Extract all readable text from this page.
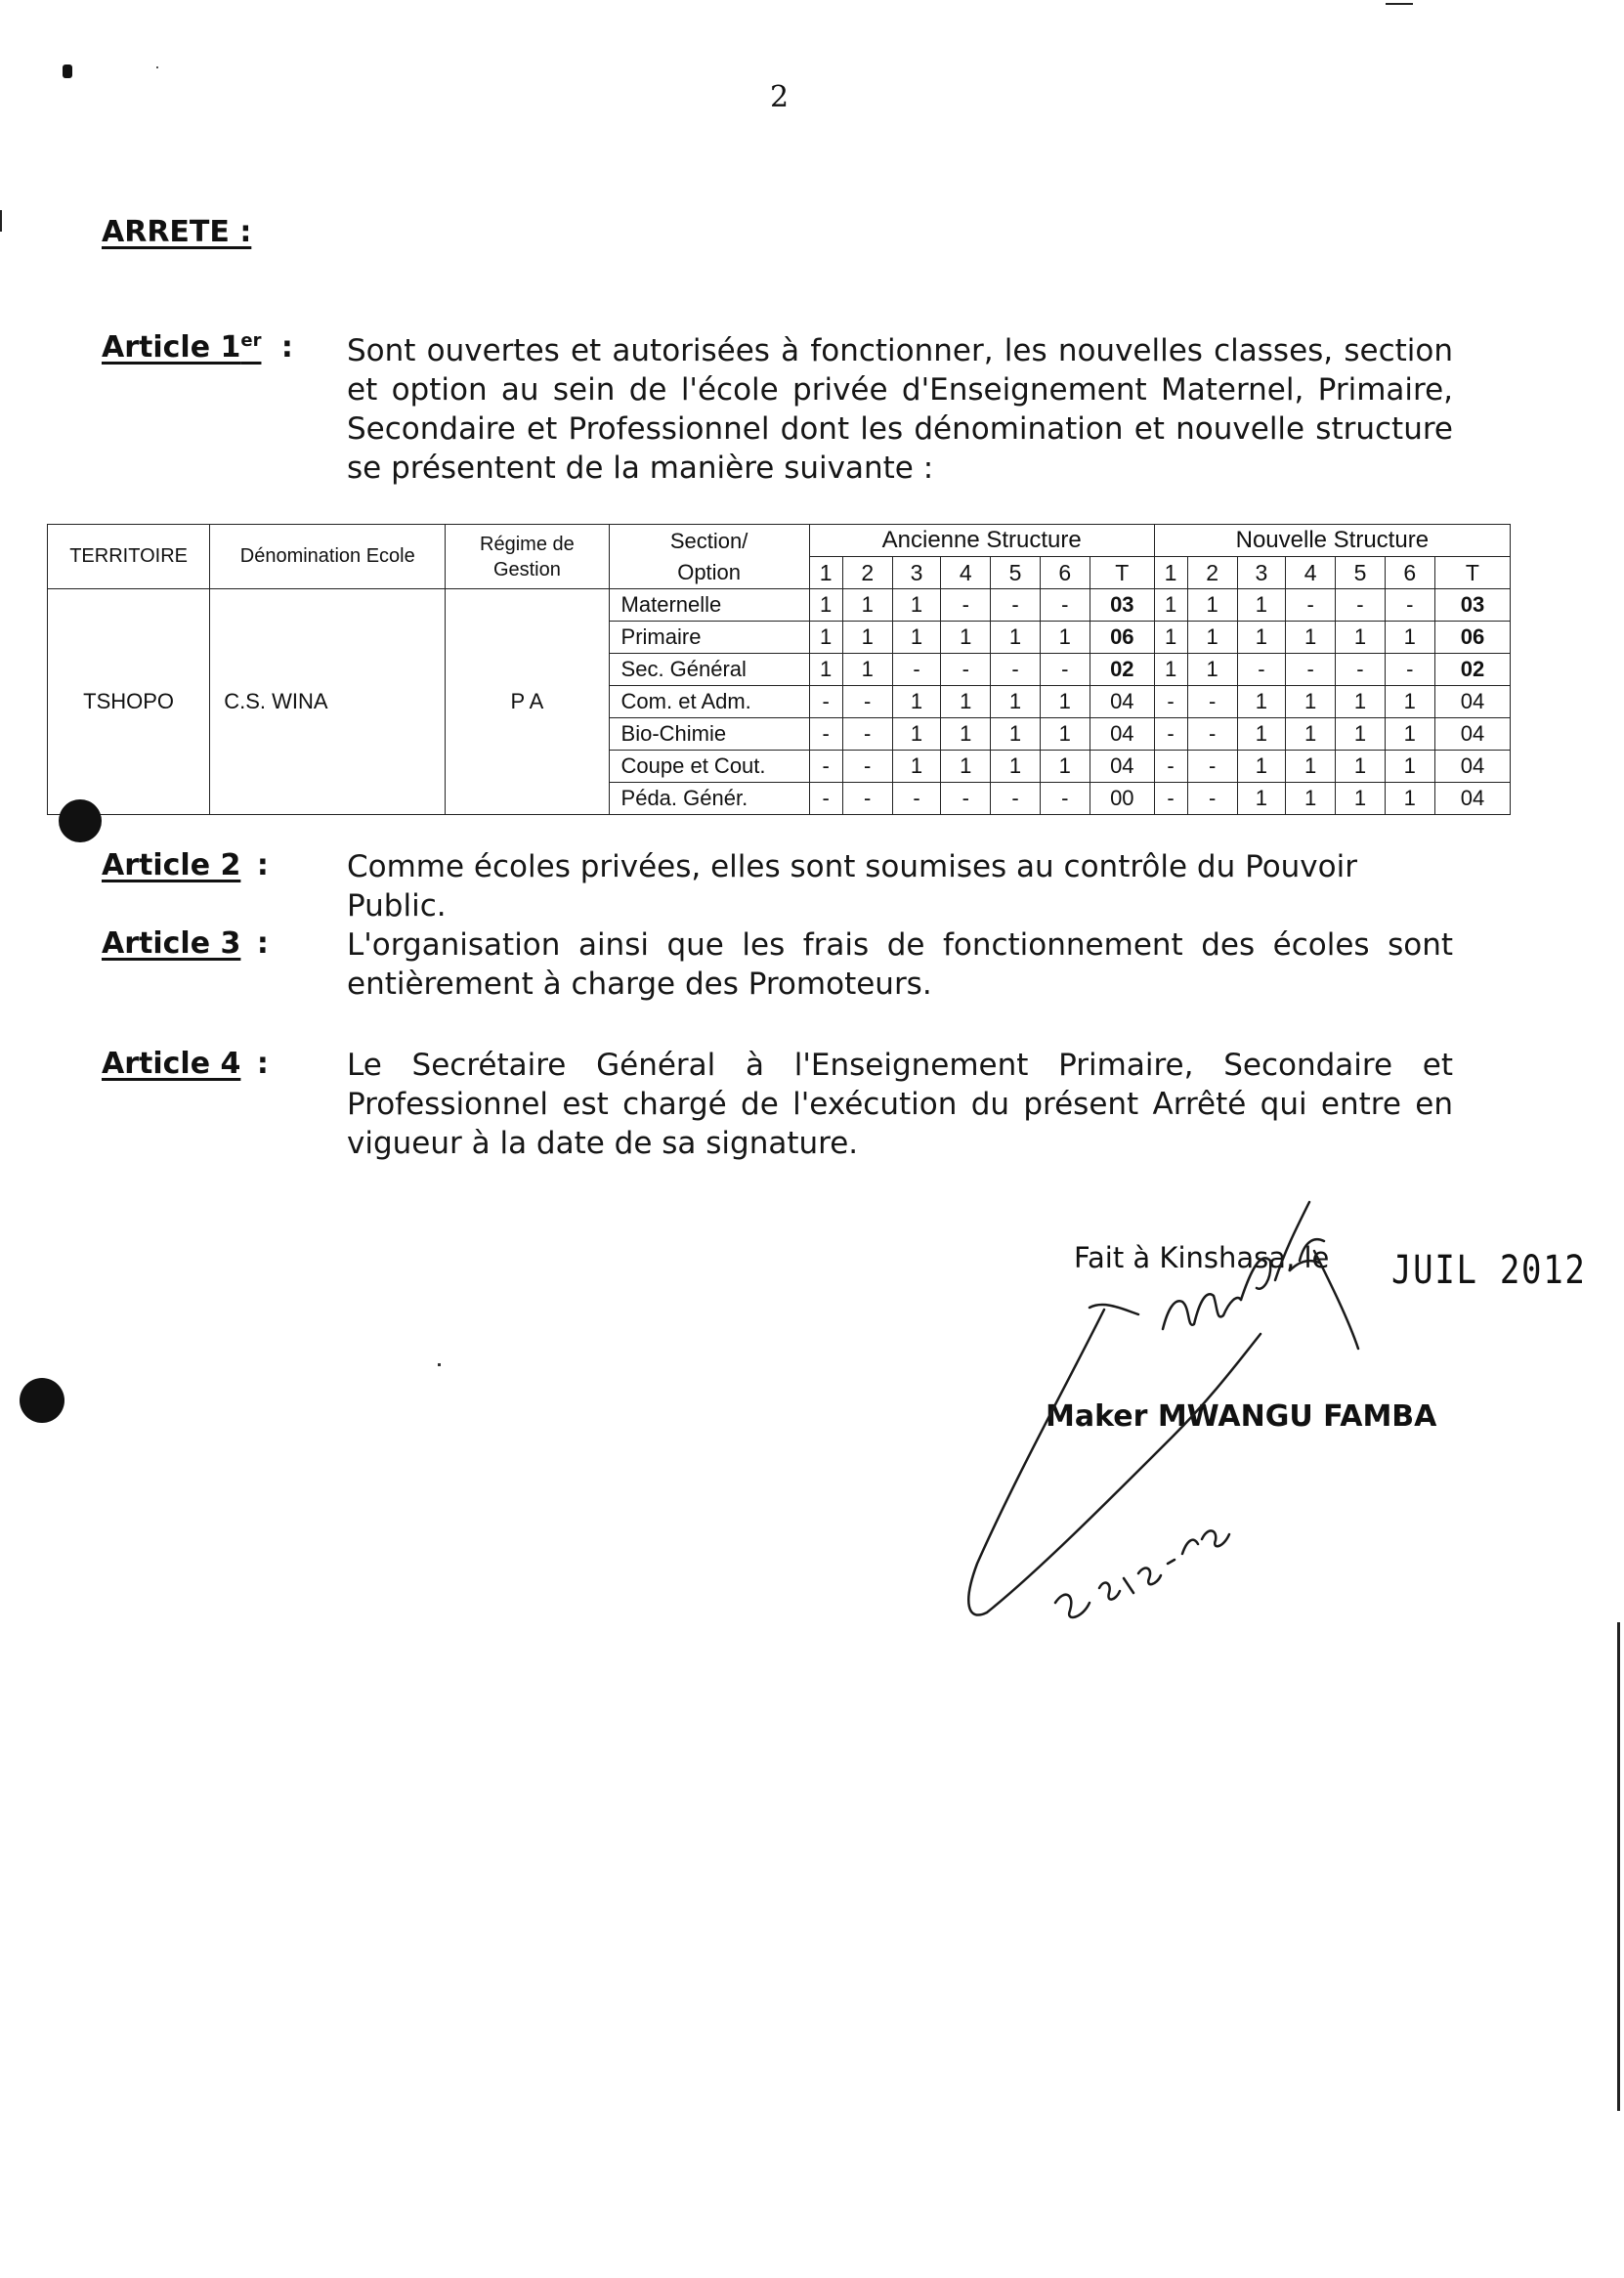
2
ARRETE :
Article 1er : Sont ouvertes et autorisées à fonctionner, les nouvelles classes, section et option au sein de l'école privée d'Enseignement Maternel, Primaire, Secondaire et Professionnel dont les dénomination et nouvelle structure se présentent de la manière suivante :
TERRITOIRE	Dénomination Ecole	Régime de Gestion	Section/ Option	Ancienne Structure							Nouvelle Structure						
				1	2	3	4	5	6	T	1	2	3	4	5	6	T
TSHOPO	C.S. WINA	P A	Maternelle	1	1	1	-	-	-	03	1	1	1	-	-	-	03
			Primaire	1	1	1	1	1	1	06	1	1	1	1	1	1	06
			Sec. Général	1	1	-	-	-	-	02	1	1	-	-	-	-	02
			Com. et Adm.	-	-	1	1	1	1	04	-	-	1	1	1	1	04
			Bio-Chimie	-	-	1	1	1	1	04	-	-	1	1	1	1	04
			Coupe et Cout.	-	-	1	1	1	1	04	-	-	1	1	1	1	04
			Péda. Génér.	-	-	-	-	-	-	00	-	-	1	1	1	1	04
Article 2 :	Comme écoles privées, elles sont soumises au contrôle du Pouvoir Public.
Article 3 :	L'organisation ainsi que les frais de fonctionnement des écoles sont entièrement à charge des Promoteurs.
Article 4 :	Le Secrétaire Général à l'Enseignement Primaire, Secondaire et Professionnel est chargé de l'exécution du présent Arrêté qui entre en vigueur à la date de sa signature.
Fait à Kinshasa, le JUIL 2012
Maker MWANGU FAMBA
